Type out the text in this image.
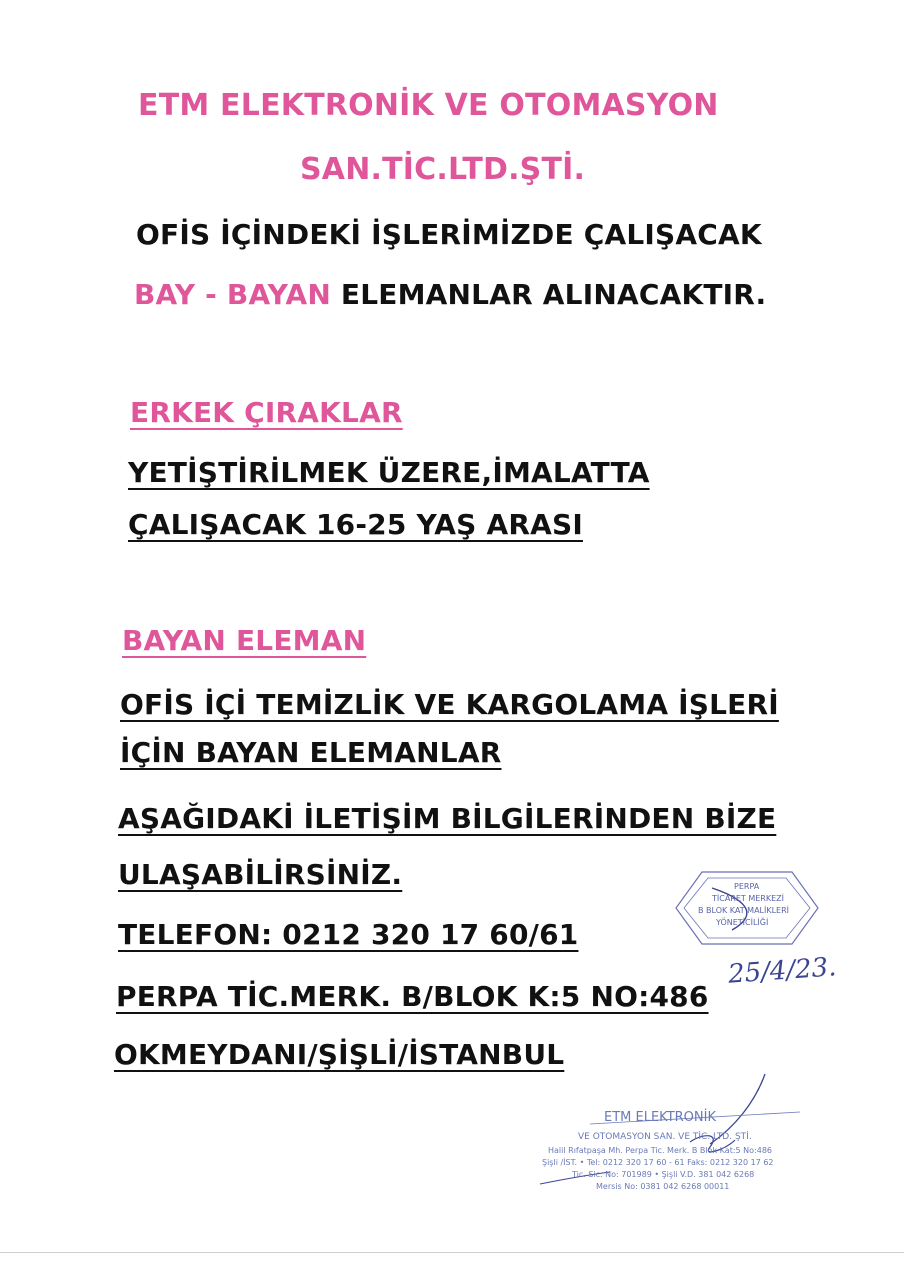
ETM ELEKTRONİK VE OTOMASYON
SAN.TİC.LTD.ŞTİ.
OFİS İÇİNDEKİ İŞLERİMİZDE ÇALIŞACAK
BAY - BAYAN ELEMANLAR ALINACAKTIR.
ERKEK ÇIRAKLAR
YETİŞTİRİLMEK ÜZERE,İMALATTA
ÇALIŞACAK 16-25 YAŞ ARASI
BAYAN ELEMAN
OFİS İÇİ TEMİZLİK VE KARGOLAMA İŞLERİ
İÇİN BAYAN ELEMANLAR
AŞAĞIDAKİ İLETİŞİM BİLGİLERİNDEN BİZE
ULAŞABİLİRSİNİZ.
TELEFON: 0212 320 17 60/61
PERPA TİC.MERK. B/BLOK K:5 NO:486
OKMEYDANI/ŞİŞLİ/İSTANBUL
PERPA
TİCARET MERKEZİ
B BLOK KAT MALİKLERİ
YÖNETİCİLİĞİ
25/4/23.
ETM ELEKTRONİK
VE OTOMASYON SAN. VE TİC. LTD. ŞTİ.
Halil Rıfatpaşa Mh. Perpa Tic. Merk. B Blok Kat:5 No:486
Şişli /İST. • Tel: 0212 320 17 60 - 61 Faks: 0212 320 17 62
Tic. Sic. No: 701989 • Şişli V.D. 381 042 6268
Mersis No: 0381 042 6268 00011
